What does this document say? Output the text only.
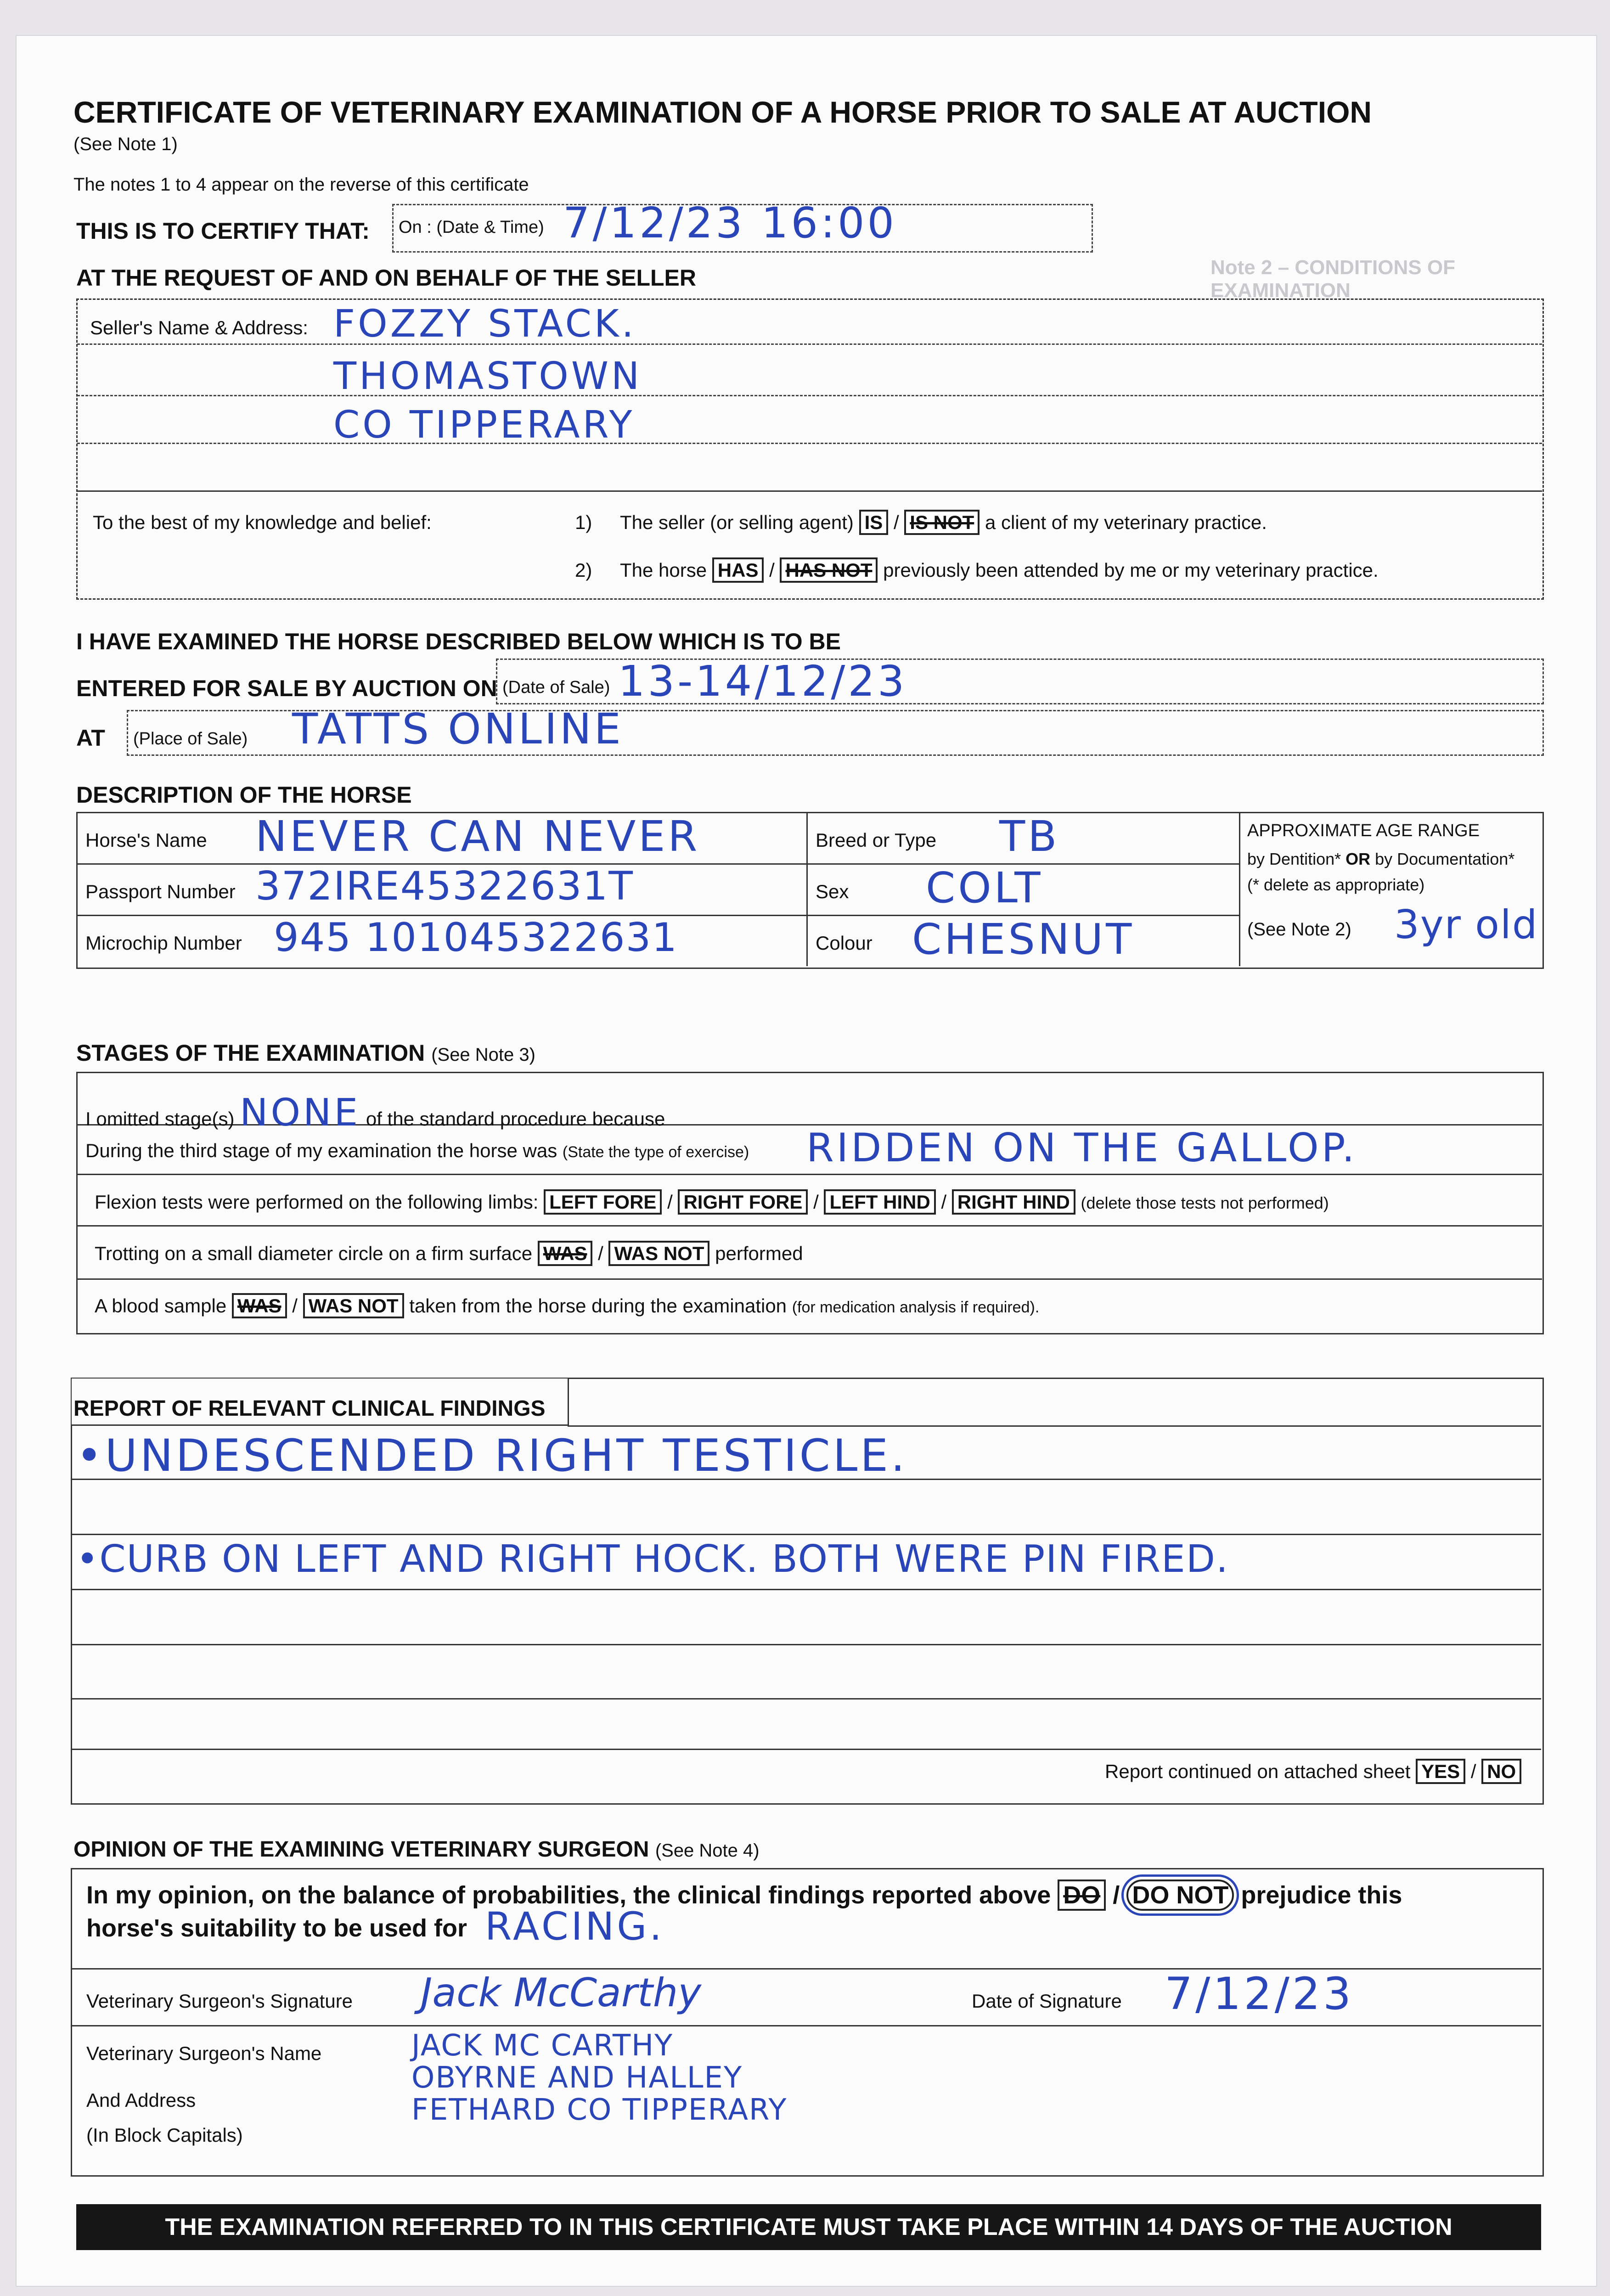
Note 2 – CONDITIONS OF EXAMINATION
CERTIFICATE OF VETERINARY EXAMINATION OF A HORSE PRIOR TO SALE AT AUCTION
(See Note 1)
The notes 1 to 4 appear on the reverse of this certificate
THIS IS TO CERTIFY THAT: On : (Date & Time) 7/12/23 16:00
AT THE REQUEST OF AND ON BEHALF OF THE SELLER
Seller's Name & Address: FOZZY STACK.
THOMASTOWN
CO TIPPERARY
To the best of my knowledge and belief:	1) The seller (or selling agent) IS / IS NOT a client of my veterinary practice.
2) The horse HAS / HAS NOT previously been attended by me or my veterinary practice.
I HAVE EXAMINED THE HORSE DESCRIBED BELOW WHICH IS TO BE
ENTERED FOR SALE BY AUCTION ON (Date of Sale) 13-14/12/23
AT (Place of Sale) TATTS ONLINE
DESCRIPTION OF THE HORSE
Horse's Name NEVER CAN NEVER
Passport Number 372IRE45322631T
Microchip Number 945 101045322631
Breed or Type TB
Sex COLT
Colour CHESNUT
APPROXIMATE AGE RANGE
by Dentition* OR by Documentation*
(* delete as appropriate)
(See Note 2) 3yr old
STAGES OF THE EXAMINATION (See Note 3)
I omitted stage(s) NONE of the standard procedure because
During the third stage of my examination the horse was (State the type of exercise) RIDDEN ON THE GALLOP.
Flexion tests were performed on the following limbs: LEFT FORE / RIGHT FORE / LEFT HIND / RIGHT HIND (delete those tests not performed)
Trotting on a small diameter circle on a firm surface WAS / WAS NOT performed
A blood sample WAS / WAS NOT taken from the horse during the examination (for medication analysis if required).
REPORT OF RELEVANT CLINICAL FINDINGS
•UNDESCENDED RIGHT TESTICLE.
•CURB ON LEFT AND RIGHT HOCK. BOTH WERE PIN FIRED.
Report continued on attached sheet YES / NO
OPINION OF THE EXAMINING VETERINARY SURGEON (See Note 4)
In my opinion, on the balance of probabilities, the clinical findings reported above DO / DO NOT prejudice this
horse's suitability to be used for RACING.
Veterinary Surgeon's Signature Jack McCarthy	Date of Signature 7/12/23
Veterinary Surgeon's Name
And Address
(In Block Capitals)
JACK MC CARTHY
OBYRNE AND HALLEY
FETHARD CO TIPPERARY
THE EXAMINATION REFERRED TO IN THIS CERTIFICATE MUST TAKE PLACE WITHIN 14 DAYS OF THE AUCTION
